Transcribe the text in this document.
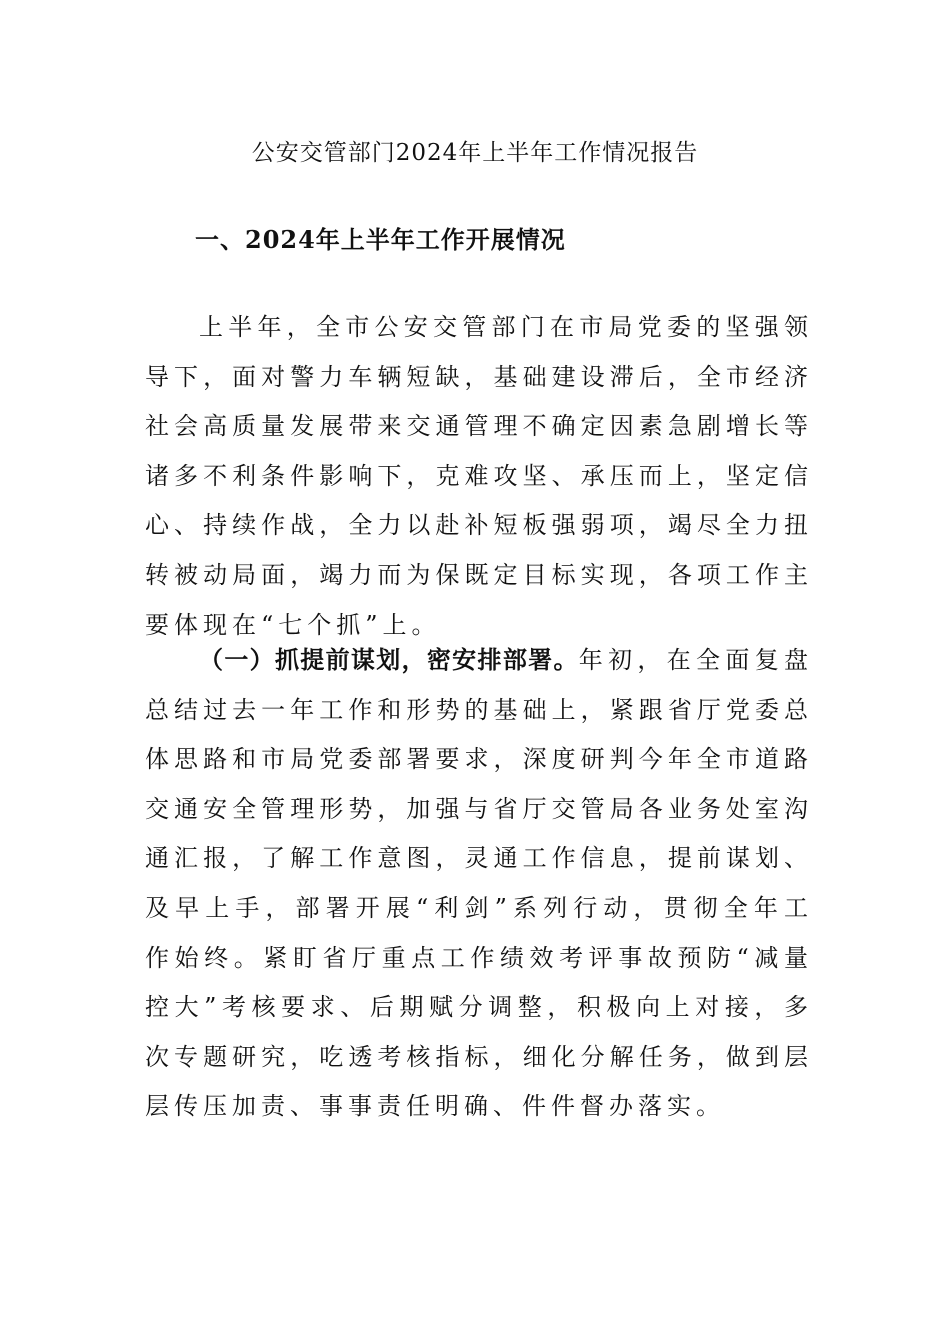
公安交管部门2024年上半年工作情况报告
一、2024年上半年工作开展情况

上半年，全市公安交管部门在市局党委的坚强领导下，面对警力车辆短缺，基础建设滞后，全市经济社会高质量发展带来交通管理不确定因素急剧增长等诸多不利条件影响下，克难攻坚、承压而上，坚定信心、持续作战，全力以赴补短板强弱项，竭尽全力扭转被动局面，竭力而为保既定目标实现，各项工作主要体现在“七个抓”上。

（一）抓提前谋划，密安排部署。年初，在全面复盘总结过去一年工作和形势的基础上，紧跟省厅党委总体思路和市局党委部署要求，深度研判今年全市道路交通安全管理形势，加强与省厅交管局各业务处室沟通汇报，了解工作意图，灵通工作信息，提前谋划、及早上手，部署开展“利剑”系列行动，贯彻全年工作始终。紧盯省厅重点工作绩效考评事故预防“减量控大”考核要求、后期赋分调整，积极向上对接，多次专题研究，吃透考核指标，细化分解任务，做到层层传压加责、事事责任明确、件件督办落实。
